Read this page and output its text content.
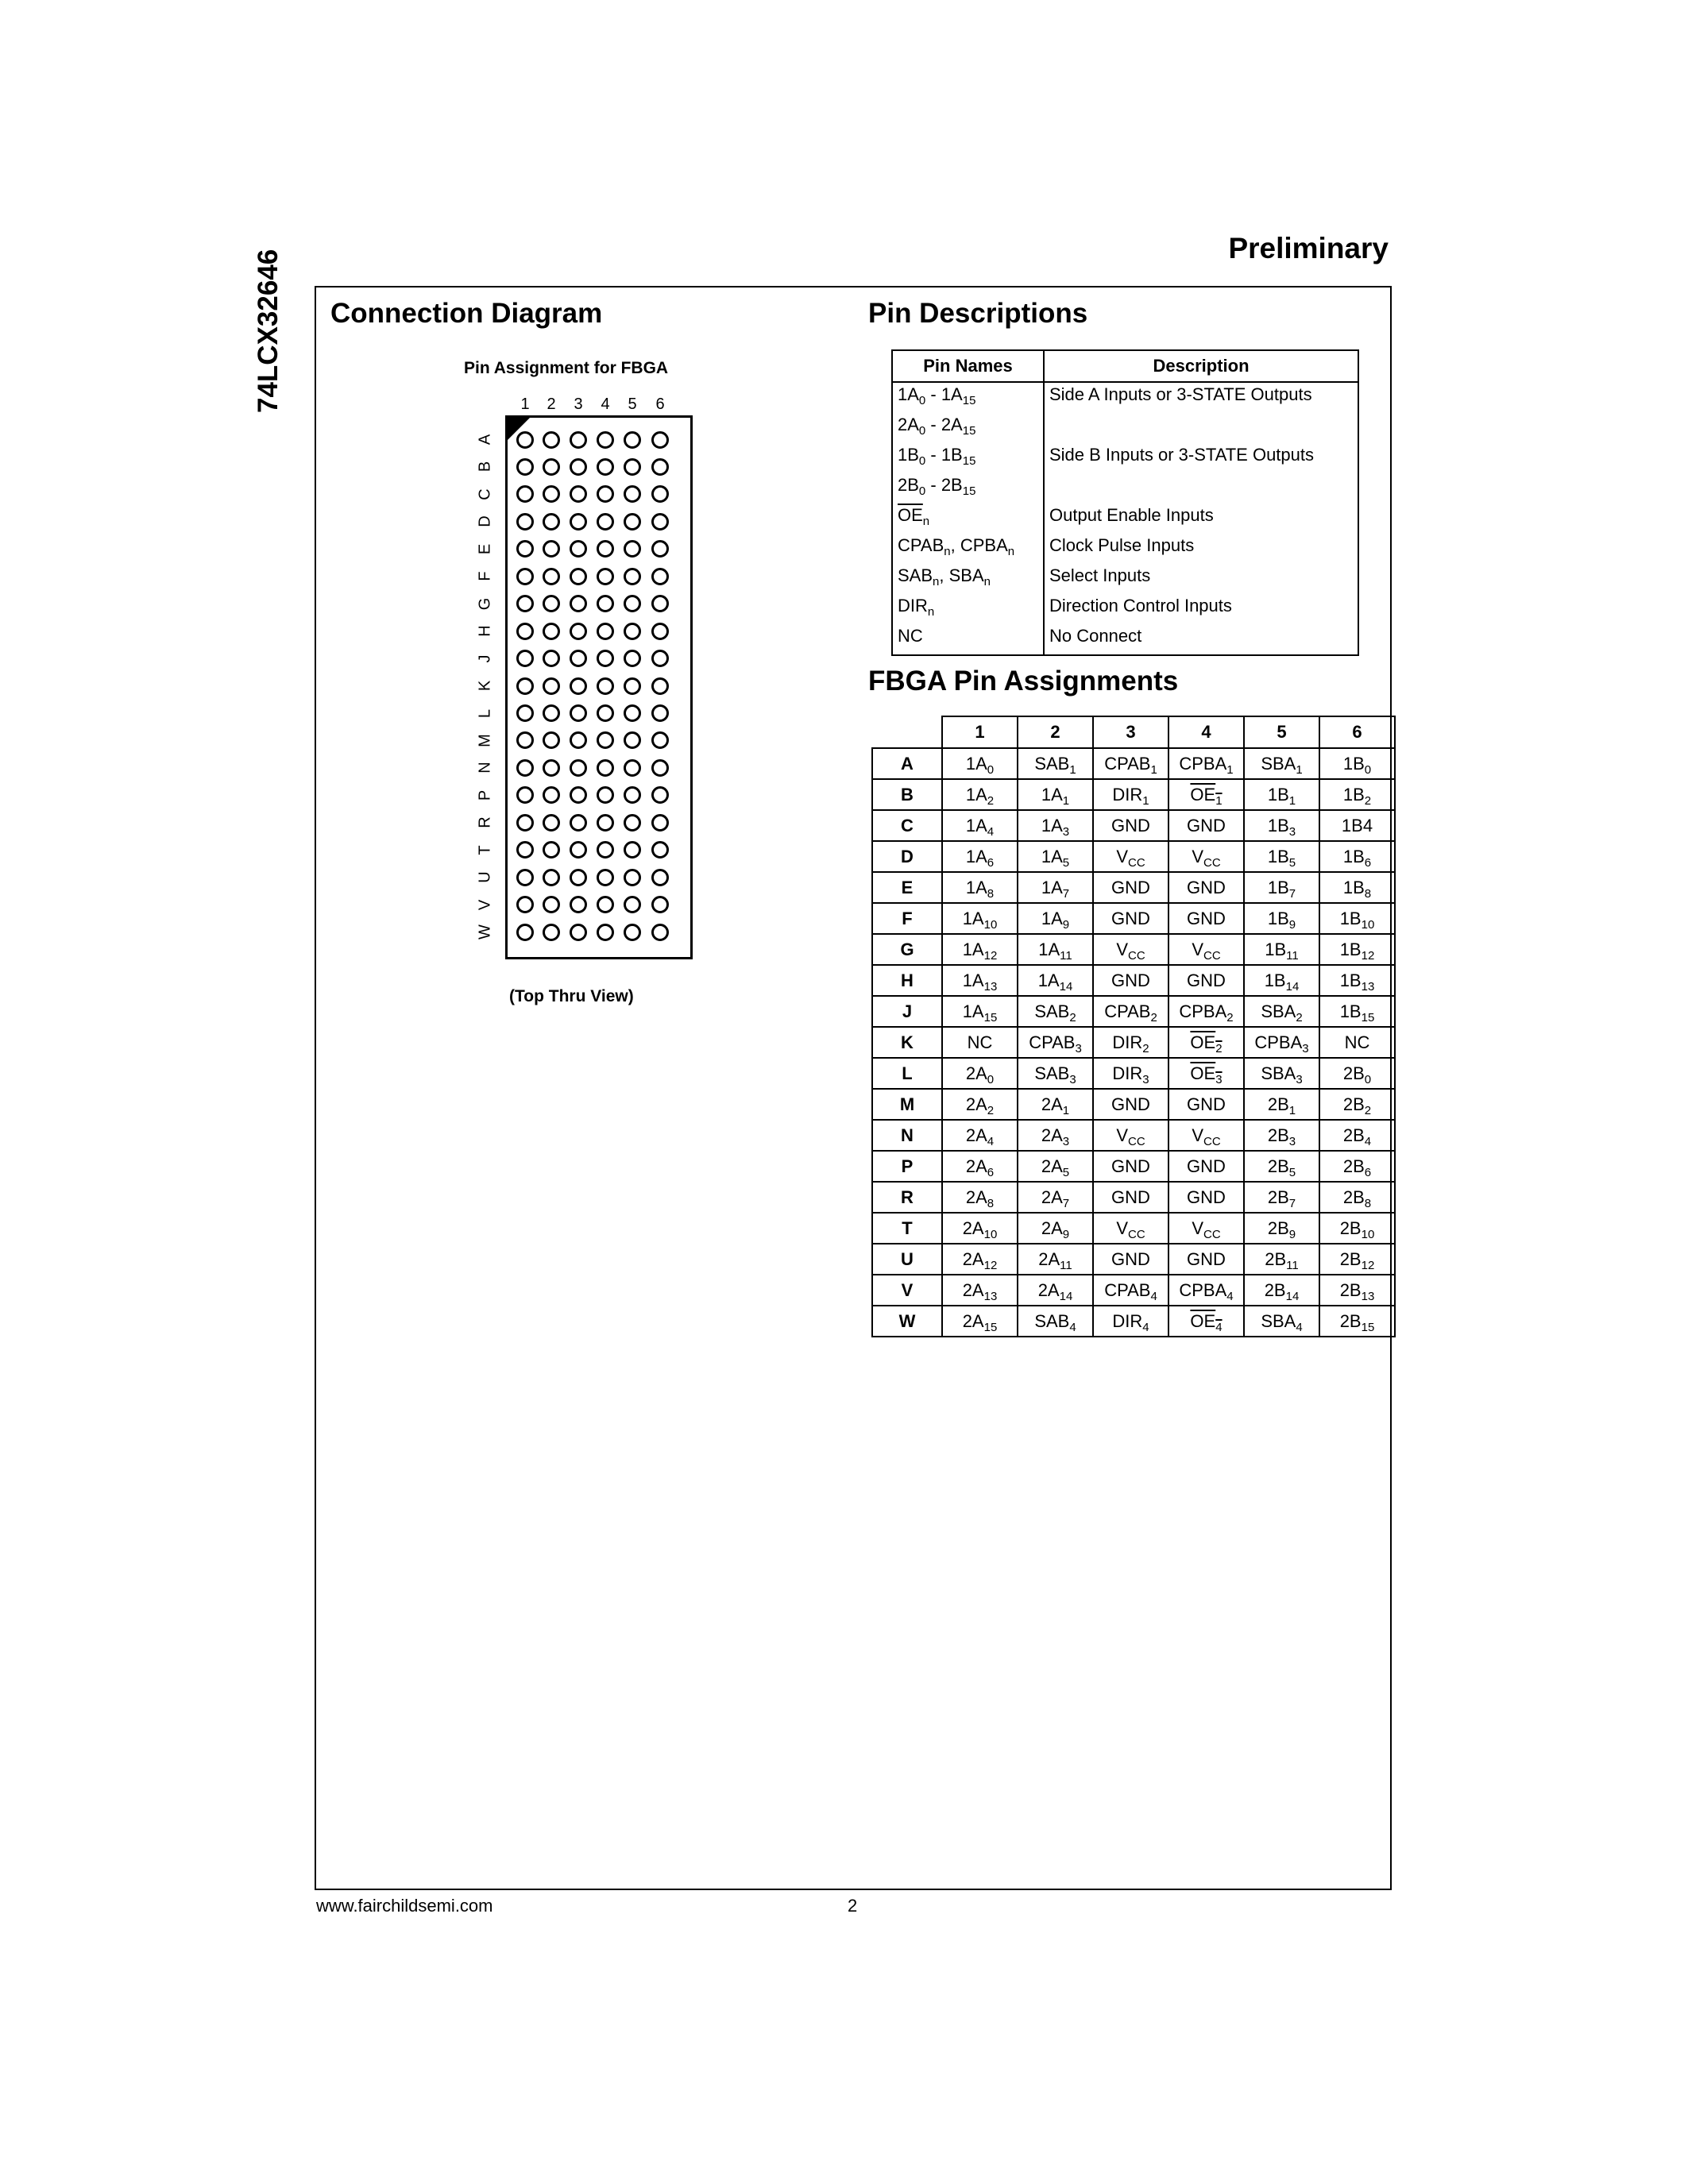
Preliminary
74LCX32646 Connection Diagram
Pin Assignment for FBGA
1 2 3 4 5 6
A
B
C
D
E
F
G
H
J
K
L
M
N
P
R
T
U
V
W
(Top Thru View)
Pin Descriptions
Pin Names	Description
$1A_0 - 1A_{15}$	Side A Inputs or 3-STATE Outputs
$2A_0 - 2A_{15}$	
$1B_0 - 1B_{15}$	Side B Inputs or 3-STATE Outputs
$2B_0 - 2B_{15}$	
$\overline{OE}_n$	Output Enable Inputs
$CPAB_n$, $CPBA_n$	Clock Pulse Inputs
$SAB_n$, $SBA_n$	Select Inputs
$DIR_n$	Direction Control Inputs
NC	No Connect
FBGA Pin Assignments
	1	2	3	4	5	6
A	$1A_0$	$SAB_1$	$CPAB_1$	$CPBA_1$	$SBA_1$	$1B_0$
B	$1A_2$	$1A_1$	$DIR_1$	$OE_1$	$1B_1$	$1B_2$
C	$1A_4$	$1A_3$	GND	GND	$1B_3$	1B4
D	$1A_6$	$1A_5$	$V_{CC}$	$V_{CC}$	$1B_5$	$1B_6$
E	$1A_8$	$1A_7$	GND	GND	$1B_7$	$1B_8$
F	$1A_{10}$	$1A_9$	GND	GND	$1B_9$	$1B_{10}$
G	$1A_{12}$	$1A_{11}$	$V_{CC}$	$V_{CC}$	$1B_{11}$	$1B_{12}$
H	$1A_{13}$	$1A_{14}$	GND	GND	$1B_{14}$	$1B_{13}$
J	$1A_{15}$	$SAB_2$	$CPAB_2$	$CPBA_2$	$SBA_2$	$1B_{15}$
K	NC	$CPAB_3$	$DIR_2$	$OE_2$	$CPBA_3$	NC
L	$2A_0$	$SAB_3$	$DIR_3$	$OE_3$	$SBA_3$	$2B_0$
M	$2A_2$	$2A_1$	GND	GND	$2B_1$	$2B_2$
N	$2A_4$	$2A_3$	$V_{CC}$	$V_{CC}$	$2B_3$	$2B_4$
P	$2A_6$	$2A_5$	GND	GND	$2B_5$	$2B_6$
R	$2A_8$	$2A_7$	GND	GND	$2B_7$	$2B_8$
T	$2A_{10}$	$2A_9$	$V_{CC}$	$V_{CC}$	$2B_9$	$2B_{10}$
U	$2A_{12}$	$2A_{11}$	GND	GND	$2B_{11}$	$2B_{12}$
V	$2A_{13}$	$2A_{14}$	$CPAB_4$	$CPBA_4$	$2B_{14}$	$2B_{13}$
W	$2A_{15}$	$SAB_4$	$DIR_4$	$OE_4$	$SBA_4$	$2B_{15}$
www.fairchildsemi.com	2
